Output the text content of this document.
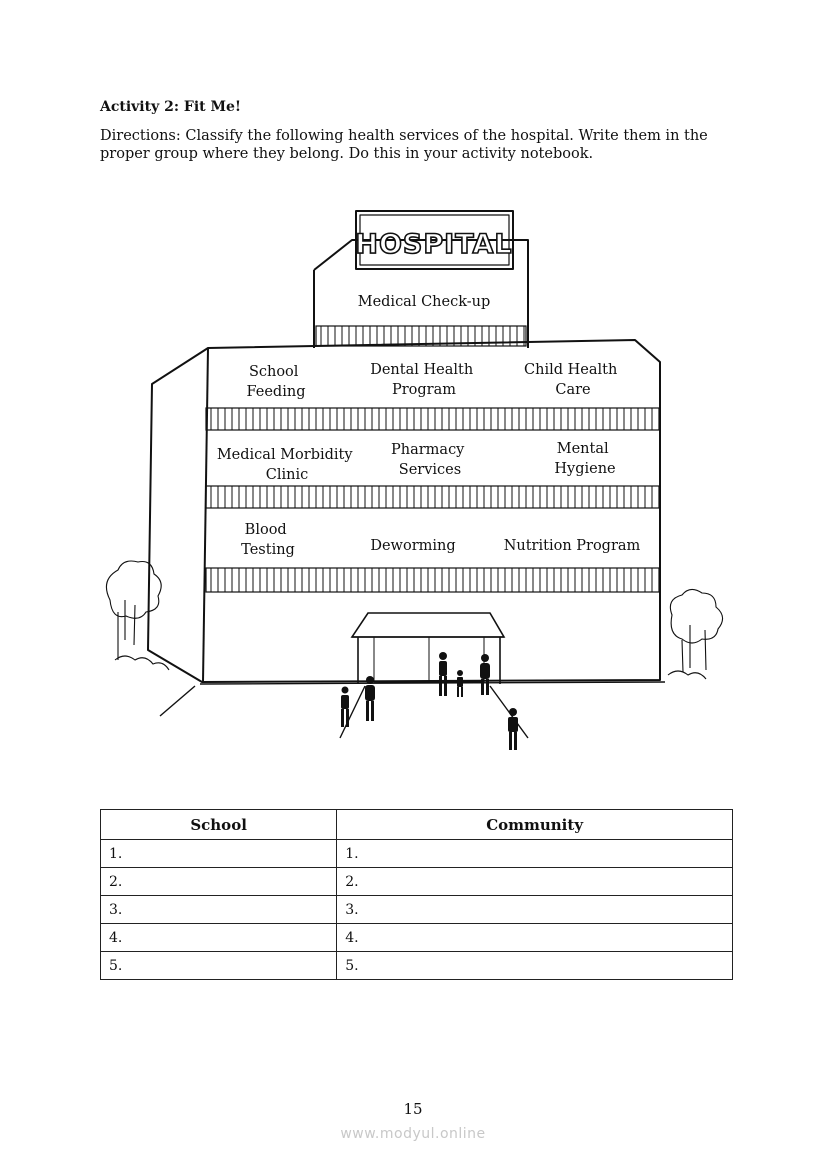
Activity 2: Fit Me!
Directions: Classify the following health services of the hospital. Write them in the proper group where they belong. Do this in your activity notebook.
HOSPITAL
Medical Check-up
School Feeding
Dental Health Program
Child Health Care
Medical Morbidity Clinic
Pharmacy Services
Mental Hygiene
Blood Testing	Deworming	Nutrition Program
School	Community
1.	1.
2.	2.
3.	3.
4.	4.
5.	5.
15
www.modyul.online
